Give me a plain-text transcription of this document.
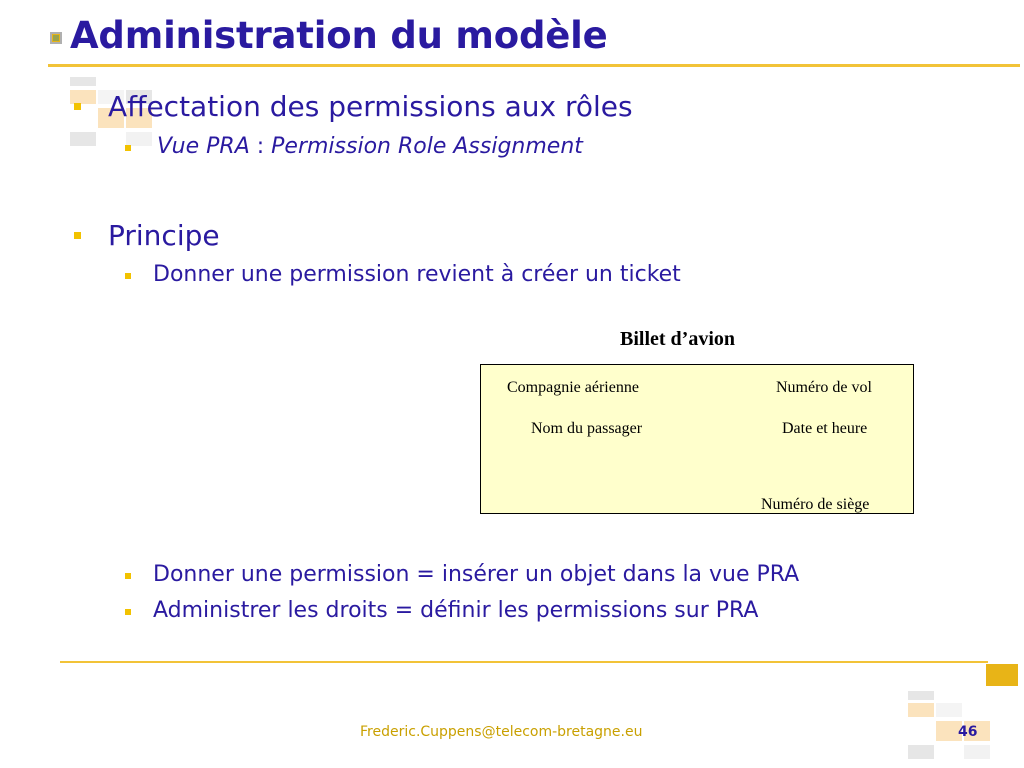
Administration du modèle
Affectation des permissions aux rôles
Vue PRA : Permission Role Assignment
Principe
Donner une permission revient à créer un ticket
Billet d’avion
Compagnie aérienne	Numéro de vol
Nom du passager	Date et heure
Numéro de siège
Donner une permission = insérer un objet dans la vue PRA
Administrer les droits = définir les permissions sur PRA
Frederic.Cuppens@telecom-bretagne.eu	46
